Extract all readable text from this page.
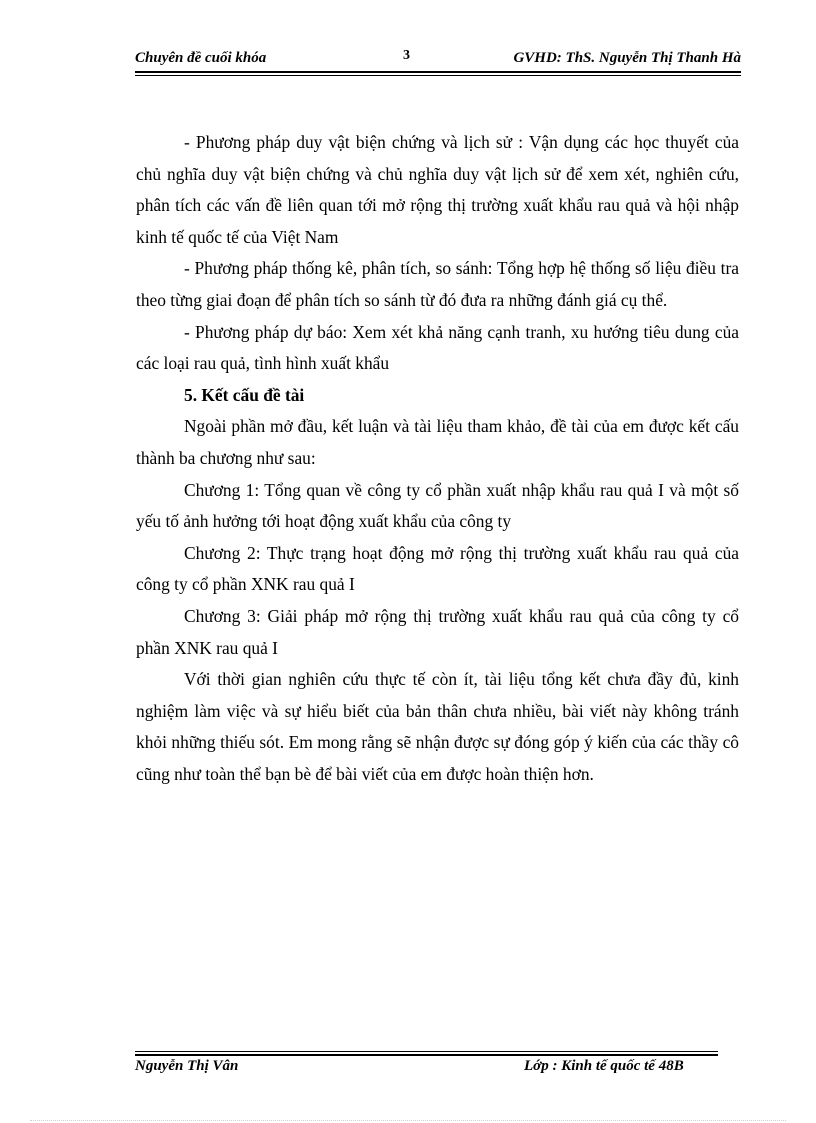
Chuyên đề cuối khóa	3	GVHD: ThS. Nguyễn Thị Thanh Hà

- Phương pháp duy vật biện chứng và lịch sử : Vận dụng các học thuyết của chủ nghĩa duy vật biện chứng và chủ nghĩa duy vật lịch sử để xem xét, nghiên cứu, phân tích các vấn đề liên quan tới mở rộng thị trường xuất khẩu rau quả và hội nhập kinh tế quốc tế của Việt Nam

- Phương pháp thống kê, phân tích, so sánh: Tổng hợp hệ thống số liệu điều tra theo từng giai đoạn để phân tích so sánh từ đó đưa ra những đánh giá cụ thể.

- Phương pháp dự báo: Xem xét khả năng cạnh tranh, xu hướng tiêu dung của các loại rau quả, tình hình xuất khẩu

5. Kết cấu đề tài

Ngoài phần mở đầu, kết luận và tài liệu tham khảo, đề tài của em được kết cấu thành ba chương như sau:

Chương 1: Tổng quan về công ty cổ phần xuất nhập khẩu rau quả I và một số yếu tố ảnh hưởng tới hoạt động xuất khẩu của công ty

Chương 2: Thực trạng hoạt động mở rộng thị trường xuất khẩu rau quả của công ty cổ phần XNK rau quả I

Chương 3: Giải pháp mở rộng thị trường xuất khẩu rau quả của công ty cổ phần XNK rau quả I

Với thời gian nghiên cứu thực tế còn ít, tài liệu tổng kết chưa đầy đủ, kinh nghiệm làm việc và sự hiểu biết của bản thân chưa nhiều, bài viết này không tránh khỏi những thiếu sót. Em mong rằng sẽ nhận được sự đóng góp ý kiến của các thầy cô cũng như toàn thể bạn bè để bài viết của em được hoàn thiện hơn.

Nguyễn Thị Vân	Lớp : Kinh tế quốc tế 48B
